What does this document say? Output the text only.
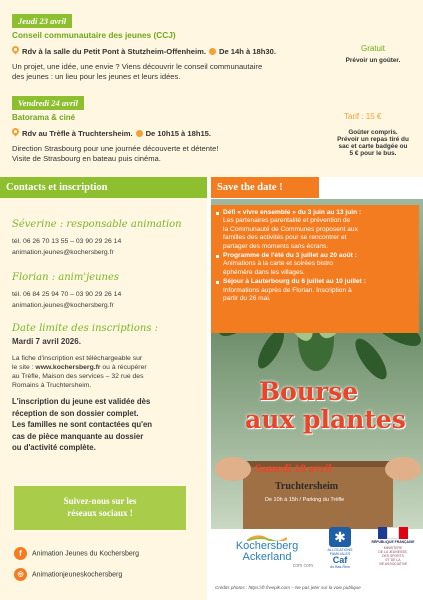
Jeudi 23 avril
Conseil communautaire des jeunes (CCJ)
Rdv à la salle du Petit Pont à Stutzheim-Offenheim. De 14h à 18h30.
Un projet, une idée, une envie ? Viens découvrir le conseil communautaire
des jeunes : un lieu pour les jeunes et leurs idées.
Gratuit
Prévoir un goûter.
Vendredi 24 avril
Batorama & ciné
Rdv au Trèfle à Truchtersheim. De 10h15 à 18h15.
Direction Strasbourg pour une journée découverte et détente!
Visite de Strasbourg en bateau puis cinéma.
Tarif : 15 €
Goûter compris.
Prévoir un repas tiré du
sac et carte badgée ou
5 € pour le bus.
Contacts et inscription
Séverine : responsable animation
tél. 06 26 70 13 55 – 03 90 29 26 14
animation.jeunes@kochersberg.fr
Florian : anim'jeunes
tél. 06 84 25 94 70 – 03 90 29 26 14
animation.jeunes@kochersberg.fr
Date limite des inscriptions :
Mardi 7 avril 2026.
La fiche d'inscription est téléchargeable sur
le site : www.kochersberg.fr ou à récupérer
au Trèfle, Maison des services – 32 rue des
Romains à Truchtersheim.
L'inscription du jeune est validée dès
réception de son dossier complet.
Les familles ne sont contactées qu'en
cas de pièce manquante au dossier
ou d'activité complète.
Suivez-nous sur les
réseaux sociaux !
f Animation Jeunes du Kochersberg
◎ Animationjeuneskochersberg
Save the date !
Défi « vivre ensemble » du 3 juin au 13 juin :
Les partenaires parentalité et prévention de
la Communauté de Communes proposent aux
familles des activités pour se rencontrer et
partager des moments sans écrans.
Programme de l'été du 3 juillet au 20 août :
Animations à la carte et soirées bistro
éphémère dans les villages.
Séjour à Lauterbourg du 6 juillet au 10 juillet :
Informations auprès de Florian. Inscription à
partir du 26 mai.
Bourse
aux plantes
Samedi 18 avril
Truchtersheim
De 10h à 15h / Parking du Trèfle
Kochersberg
Ackerland
com com
✱
ALLOCATIONS
FAMILIALES
Caf
du Bas-Rhin
RÉPUBLIQUE FRANÇAISE
MINISTÈRE
DE LA JEUNESSE,
DES SPORTS
ET DE LA
VIE ASSOCIATIVE
Crédits photos : https://fr.freepik.com – Ne pas jeter sur la voie publique
